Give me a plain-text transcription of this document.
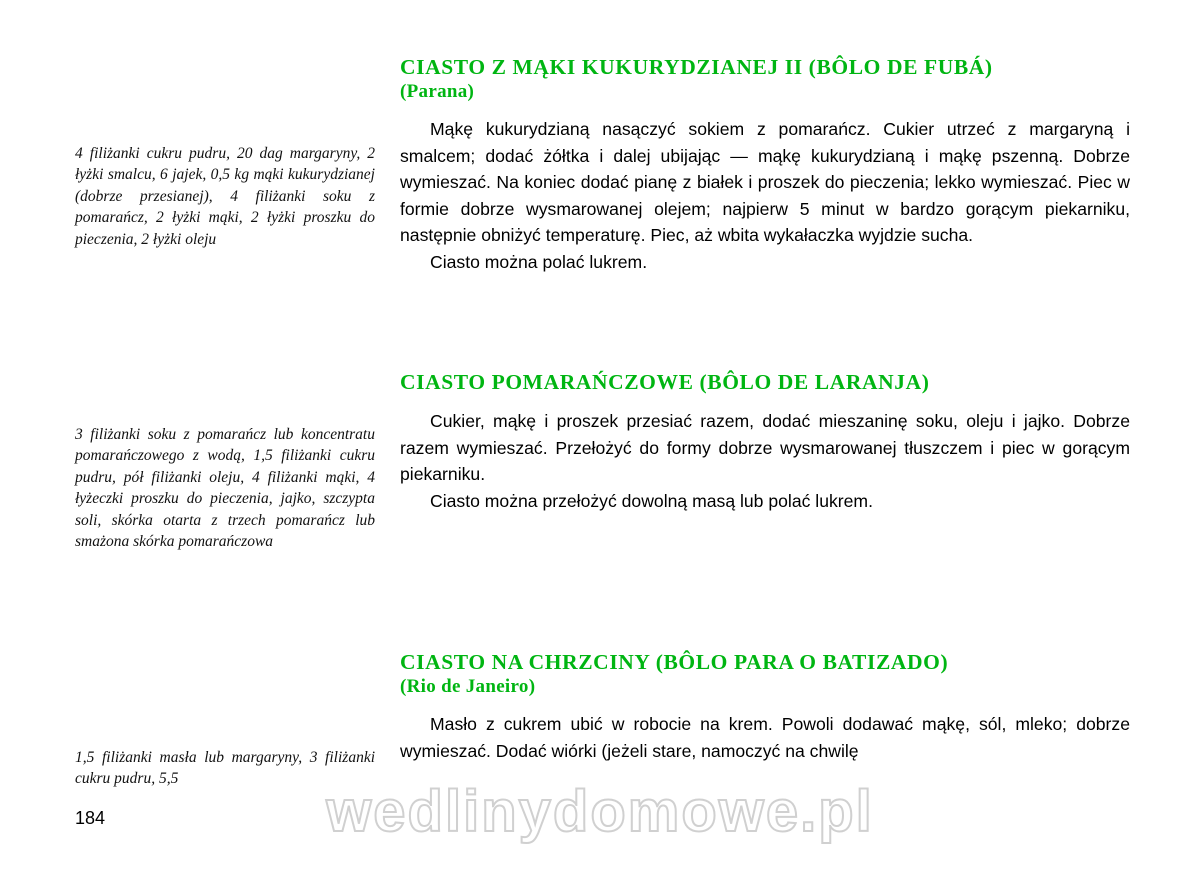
4 filiżanki cukru pudru, 20 dag margaryny, 2 łyżki smalcu, 6 jajek, 0,5 kg mąki kukurydzianej (dobrze przesianej), 4 filiżanki soku z pomarańcz, 2 łyżki mąki, 2 łyżki proszku do pieczenia, 2 łyżki oleju

3 filiżanki soku z pomarańcz lub koncentratu pomarańczowego z wodą, 1,5 filiżanki cukru pudru, pół filiżanki oleju, 4 filiżanki mąki, 4 łyżeczki proszku do pieczenia, jajko, szczypta soli, skórka otarta z trzech pomarańcz lub smażona skórka pomarańczowa

1,5 filiżanki masła lub margaryny, 3 filiżanki cukru pudru, 5,5

CIASTO Z MĄKI KUKURYDZIANEJ II (BÔLO DE FUBÁ)
(Parana)

Mąkę kukurydzianą nasączyć sokiem z pomarańcz. Cukier utrzeć z margaryną i smalcem; dodać żółtka i dalej ubijając — mąkę kukurydzianą i mąkę pszenną. Dobrze wymieszać. Na koniec dodać pianę z białek i proszek do pieczenia; lekko wymieszać. Piec w formie dobrze wysmarowanej olejem; najpierw 5 minut w bardzo gorącym piekarniku, następnie obniżyć temperaturę. Piec, aż wbita wykałaczka wyjdzie sucha.

Ciasto można polać lukrem.

CIASTO POMARAŃCZOWE (BÔLO DE LARANJA)

Cukier, mąkę i proszek przesiać razem, dodać mieszaninę soku, oleju i jajko. Dobrze razem wymieszać. Przełożyć do formy dobrze wysmarowanej tłuszczem i piec w gorącym piekarniku.

Ciasto można przełożyć dowolną masą lub polać lukrem.

CIASTO NA CHRZCINY (BÔLO PARA O BATIZADO)
(Rio de Janeiro)

Masło z cukrem ubić w robocie na krem. Powoli dodawać mąkę, sól, mleko; dobrze wymieszać. Dodać wiórki (jeżeli stare, namoczyć na chwilę

184	wedlinydomowe.pl
